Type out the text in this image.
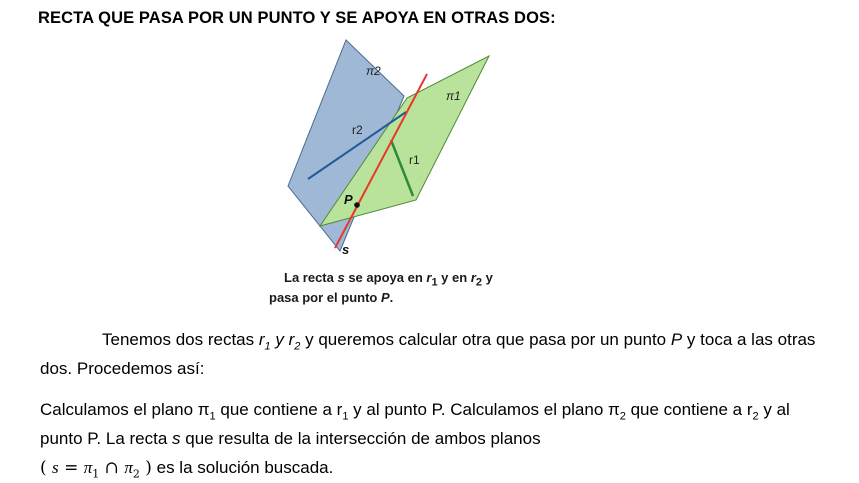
RECTA QUE PASA POR UN PUNTO Y SE APOYA EN OTRAS DOS:
π2
π1
r2
r1
P
s
La recta s se apoya en $r_1$ y en $r_2$ y
pasa por el punto P.
Tenemos dos rectas $r_1$ y $r_2$ y queremos calcular otra que pasa por un punto P y toca a las otras dos. Procedemos así:
Calculamos el plano $\pi_1$ que contiene a $r_1$ y al punto P. Calculamos el plano $\pi_2$ que contiene a $r_2$ y al punto P. La recta s que resulta de la intersección de ambos planos
( $s = \pi_1$ ∩ $\pi_2$ ) es la solución buscada.
